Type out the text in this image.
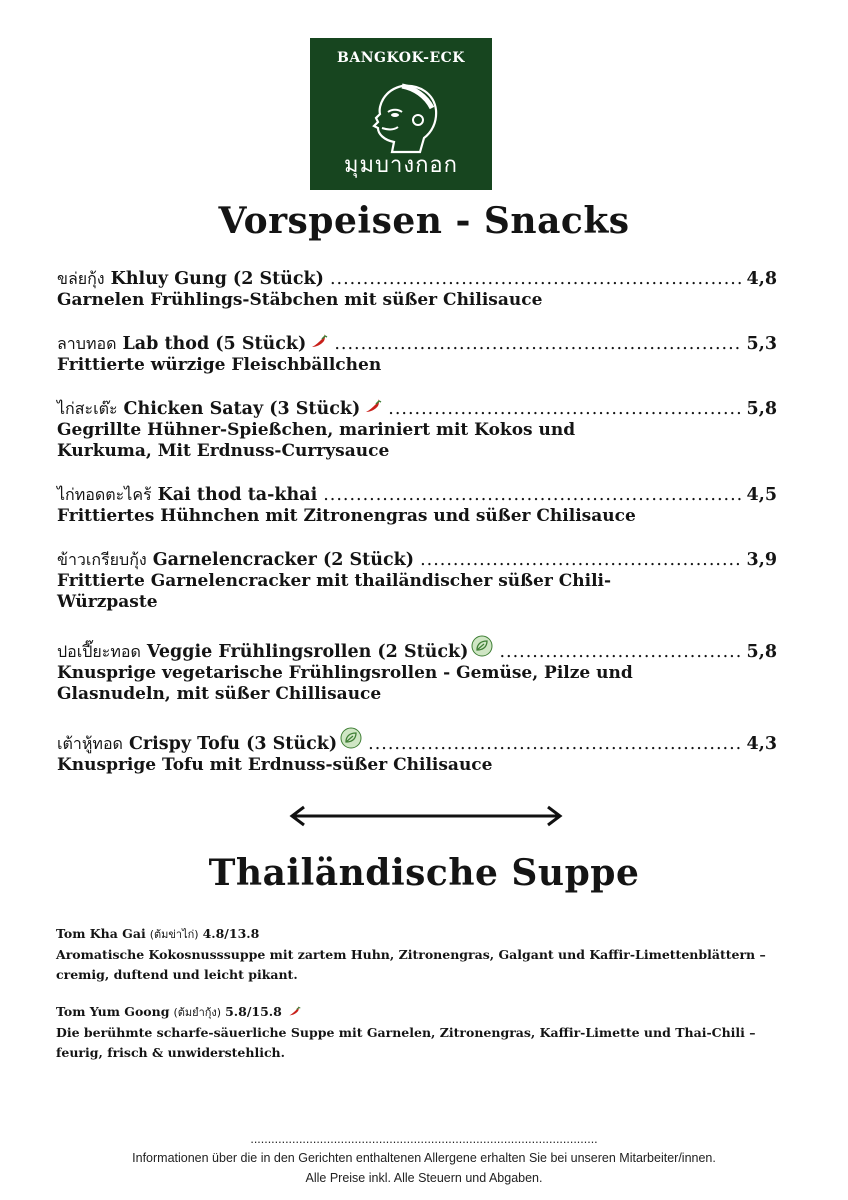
BANGKOK-ECK
มุมบางกอก
Vorspeisen - Snacks
ขล่ยกุ้ง Khluy Gung (2 Stück) .....	4,8
Garnelen Frühlings-Stäbchen mit süßer Chilisauce
ลาบทอด Lab thod (5 Stück) .....	5,3
Frittierte würzige Fleischbällchen
ไก่สะเต๊ะ Chicken Satay (3 Stück) .....	5,8
Gegrillte Hühner-Spießchen, mariniert mit Kokos und Kurkuma, Mit Erdnuss-Currysauce
ไก่ทอดตะไคร้ Kai thod ta-khai .....	4,5
Frittiertes Hühnchen mit Zitronengras und süßer Chilisauce
ข้าวเกรียบกุ้ง Garnelencracker (2 Stück) .....	3,9
Frittierte Garnelencracker mit thailändischer süßer Chili-Würzpaste
ปอเปี๊ยะทอด Veggie Frühlingsrollen (2 Stück) .....	5,8
Knusprige vegetarische Frühlingsrollen - Gemüse, Pilze und Glasnudeln, mit süßer Chillisauce
เต้าหู้ทอด Crispy Tofu (3 Stück) .....	4,3
Knusprige Tofu mit Erdnuss-süßer Chilisauce
Thailändische Suppe
Tom Kha Gai (ต้มข่าไก่) 4.8/13.8
Aromatische Kokosnusssuppe mit zartem Huhn, Zitronengras, Galgant und Kaffir-Limettenblättern – cremig, duftend und leicht pikant.
Tom Yum Goong (ต้มยำกุ้ง) 5.8/15.8
Die berühmte scharfe-säuerliche Suppe mit Garnelen, Zitronengras, Kaffir-Limette und Thai-Chili – feurig, frisch & unwiderstehlich.
....................................................................................................
Informationen über die in den Gerichten enthaltenen Allergene erhalten Sie bei unseren Mitarbeiter/innen.
Alle Preise inkl. Alle Steuern und Abgaben.
